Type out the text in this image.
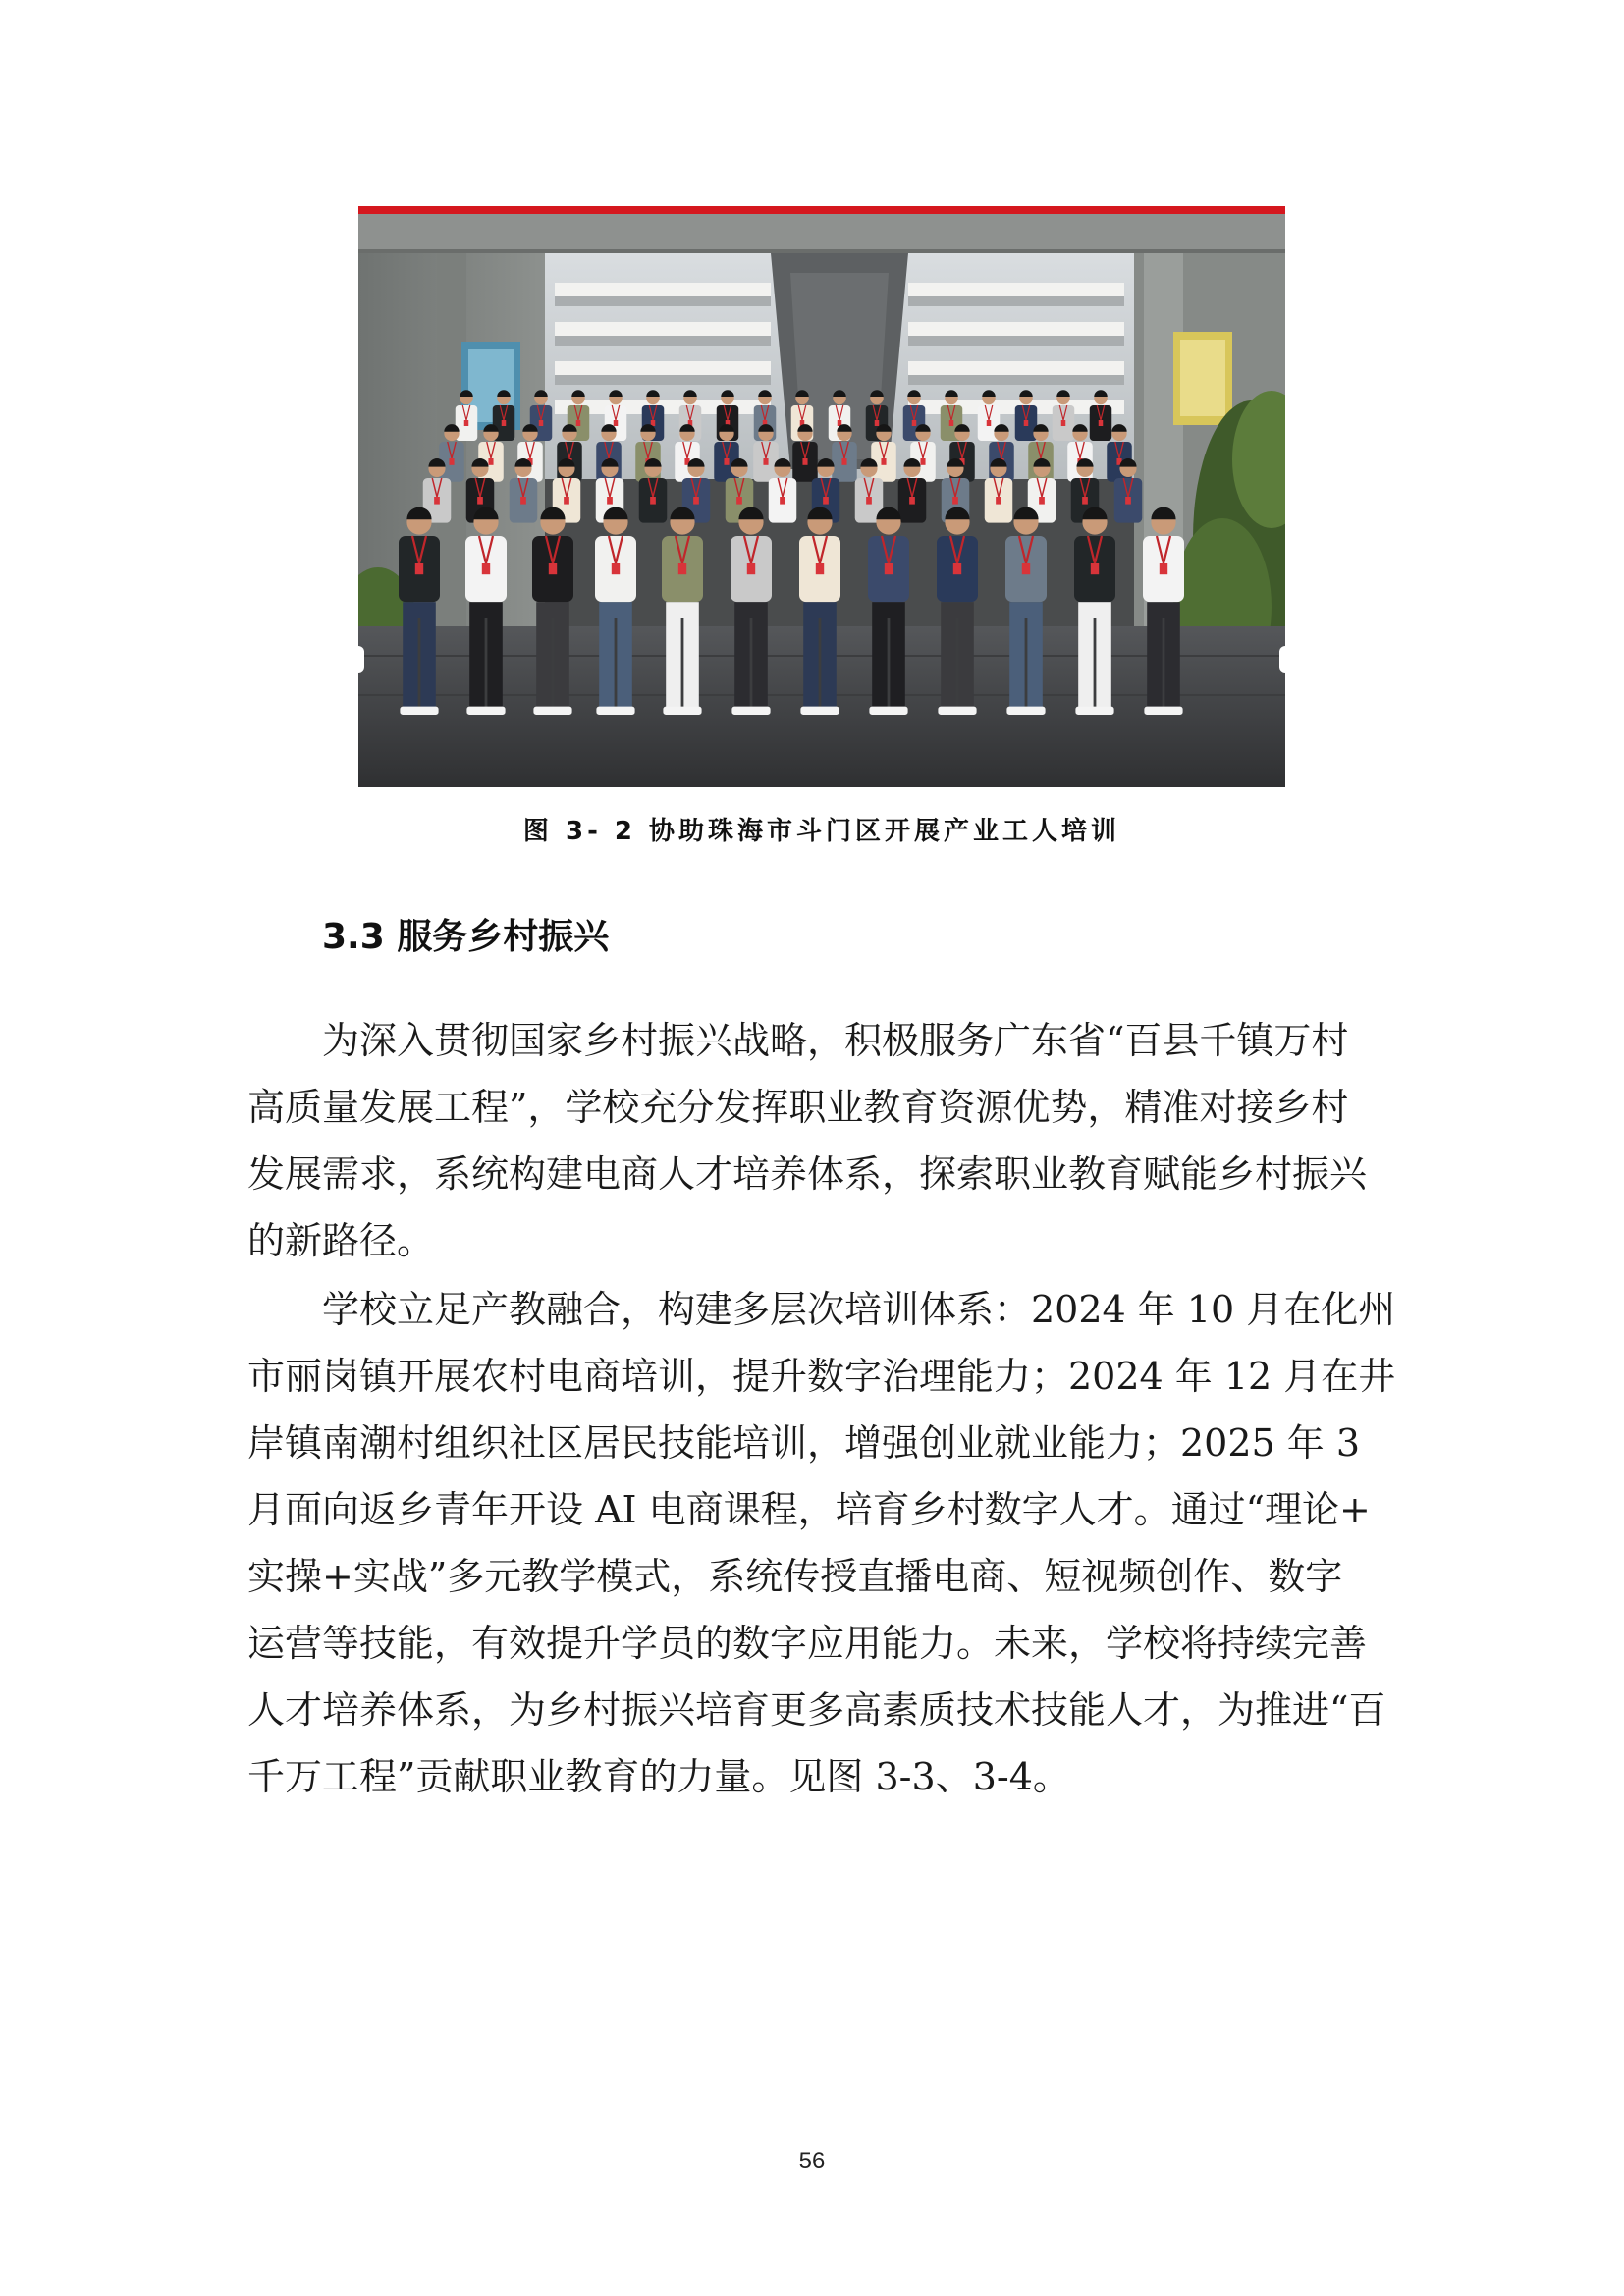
图 3- 2 协助珠海市斗门区开展产业工人培训
3.3 服务乡村振兴
为深入贯彻国家乡村振兴战略，积极服务广东省“百县千镇万村
高质量发展工程”，学校充分发挥职业教育资源优势，精准对接乡村
发展需求，系统构建电商人才培养体系，探索职业教育赋能乡村振兴
的新路径。
学校立足产教融合，构建多层次培训体系：2024 年 10 月在化州
市丽岗镇开展农村电商培训，提升数字治理能力；2024 年 12 月在井
岸镇南潮村组织社区居民技能培训，增强创业就业能力；2025 年 3
月面向返乡青年开设 AI 电商课程，培育乡村数字人才。通过“理论+
实操+实战”多元教学模式，系统传授直播电商、短视频创作、数字
运营等技能，有效提升学员的数字应用能力。未来，学校将持续完善
人才培养体系，为乡村振兴培育更多高素质技术技能人才，为推进“百
千万工程”贡献职业教育的力量。见图 3-3、3-4。
56
